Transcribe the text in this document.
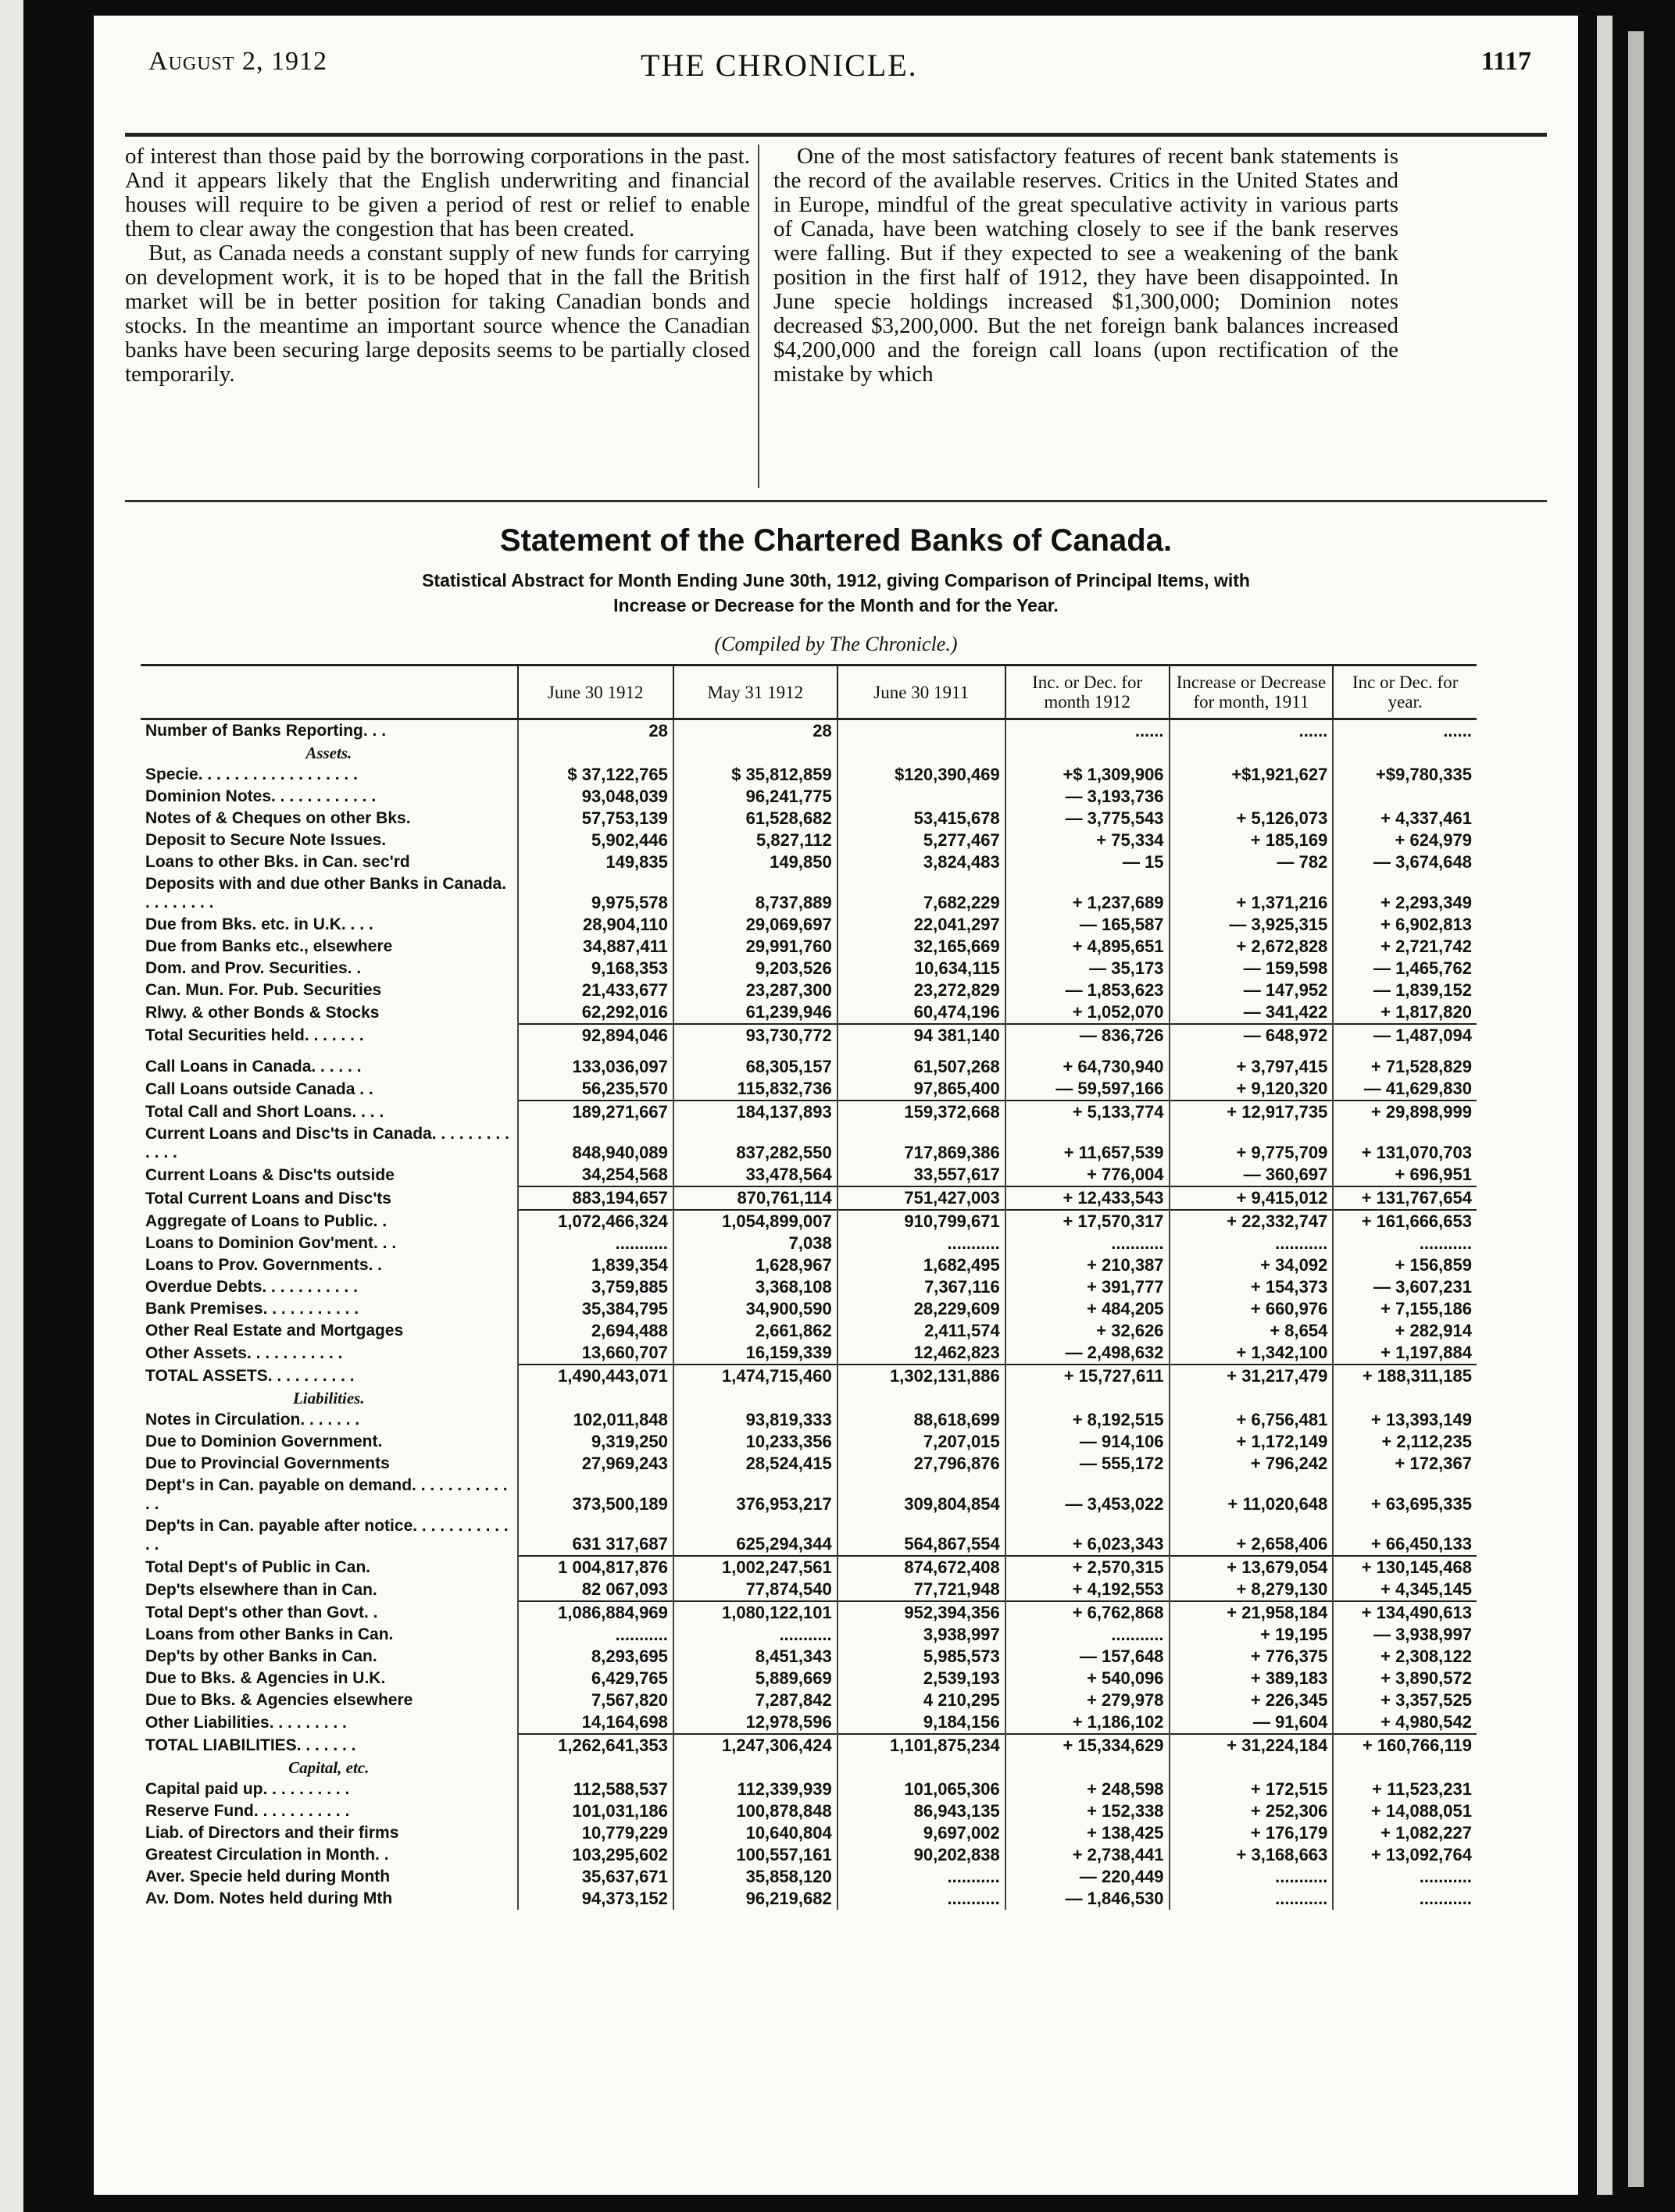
August 2, 1912	THE CHRONICLE.	1117

of interest than those paid by the borrowing corporations in the past. And it appears likely that the English underwriting and financial houses will require to be given a period of rest or relief to enable them to clear away the congestion that has been created.

But, as Canada needs a constant supply of new funds for carrying on development work, it is to be hoped that in the fall the British market will be in better position for taking Canadian bonds and stocks. In the meantime an important source whence the Canadian banks have been securing large deposits seems to be partially closed temporarily.

One of the most satisfactory features of recent bank statements is the record of the available reserves. Critics in the United States and in Europe, mindful of the great speculative activity in various parts of Canada, have been watching closely to see if the bank reserves were falling. But if they expected to see a weakening of the bank position in the first half of 1912, they have been disappointed. In June specie holdings increased $1,300,000; Dominion notes decreased $3,200,000. But the net foreign bank balances increased $4,200,000 and the foreign call loans (upon rectification of the mistake by which

Statement of the Chartered Banks of Canada.
Statistical Abstract for Month Ending June 30th, 1912, giving Comparison of Principal Items, with
Increase or Decrease for the Month and for the Year.
(Compiled by The Chronicle.)
	June 30 1912	May 31 1912	June 30 1911	Inc. or Dec. for month 1912	Increase or Decrease for month, 1911	Inc or Dec. for year.
Number of Banks Reporting. . .	28	28		......	......	......
Assets.						
Specie. . . . . . . . . . . . . . . . . .	$ 37,122,765	$ 35,812,859	$120,390,469	+$ 1,309,906	+$1,921,627	+$9,780,335
Dominion Notes. . . . . . . . . . . .	93,048,039	96,241,775		— 3,193,736		
Notes of & Cheques on other Bks.	57,753,139	61,528,682	53,415,678	— 3,775,543	+ 5,126,073	+ 4,337,461
Deposit to Secure Note Issues.	5,902,446	5,827,112	5,277,467	+ 75,334	+ 185,169	+ 624,979
Loans to other Bks. in Can. sec'rd	149,835	149,850	3,824,483	— 15	— 782	— 3,674,648
Deposits with and due other Banks in Canada. . . . . . . . .	9,975,578	8,737,889	7,682,229	+ 1,237,689	+ 1,371,216	+ 2,293,349
Due from Bks. etc. in U.K. . . .	28,904,110	29,069,697	22,041,297	— 165,587	— 3,925,315	+ 6,902,813
Due from Banks etc., elsewhere	34,887,411	29,991,760	32,165,669	+ 4,895,651	+ 2,672,828	+ 2,721,742
Dom. and Prov. Securities. .	9,168,353	9,203,526	10,634,115	— 35,173	— 159,598	— 1,465,762
Can. Mun. For. Pub. Securities	21,433,677	23,287,300	23,272,829	— 1,853,623	— 147,952	— 1,839,152
Rlwy. & other Bonds & Stocks	62,292,016	61,239,946	60,474,196	+ 1,052,070	— 341,422	+ 1,817,820
Total Securities held. . . . . . .	92,894,046	93,730,772	94 381,140	— 836,726	— 648,972	— 1,487,094

Call Loans in Canada. . . . . .	133,036,097	68,305,157	61,507,268	+ 64,730,940	+ 3,797,415	+ 71,528,829
Call Loans outside Canada . .	56,235,570	115,832,736	97,865,400	— 59,597,166	+ 9,120,320	— 41,629,830
Total Call and Short Loans. . . .	189,271,667	184,137,893	159,372,668	+ 5,133,774	+ 12,917,735	+ 29,898,999
Current Loans and Disc'ts in Canada. . . . . . . . . . . . .	848,940,089	837,282,550	717,869,386	+ 11,657,539	+ 9,775,709	+ 131,070,703
Current Loans & Disc'ts outside	34,254,568	33,478,564	33,557,617	+ 776,004	— 360,697	+ 696,951
Total Current Loans and Disc'ts	883,194,657	870,761,114	751,427,003	+ 12,433,543	+ 9,415,012	+ 131,767,654
Aggregate of Loans to Public. .	1,072,466,324	1,054,899,007	910,799,671	+ 17,570,317	+ 22,332,747	+ 161,666,653
Loans to Dominion Gov'ment. . .	...........	7,038	...........	...........	...........	...........
Loans to Prov. Governments. .	1,839,354	1,628,967	1,682,495	+ 210,387	+ 34,092	+ 156,859
Overdue Debts. . . . . . . . . . .	3,759,885	3,368,108	7,367,116	+ 391,777	+ 154,373	— 3,607,231
Bank Premises. . . . . . . . . . .	35,384,795	34,900,590	28,229,609	+ 484,205	+ 660,976	+ 7,155,186
Other Real Estate and Mortgages	2,694,488	2,661,862	2,411,574	+ 32,626	+ 8,654	+ 282,914
Other Assets. . . . . . . . . . .	13,660,707	16,159,339	12,462,823	— 2,498,632	+ 1,342,100	+ 1,197,884
TOTAL ASSETS. . . . . . . . . .	1,490,443,071	1,474,715,460	1,302,131,886	+ 15,727,611	+ 31,217,479	+ 188,311,185
Liabilities.						
Notes in Circulation. . . . . . .	102,011,848	93,819,333	88,618,699	+ 8,192,515	+ 6,756,481	+ 13,393,149
Due to Dominion Government.	9,319,250	10,233,356	7,207,015	— 914,106	+ 1,172,149	+ 2,112,235
Due to Provincial Governments	27,969,243	28,524,415	27,796,876	— 555,172	+ 796,242	+ 172,367
Dept's in Can. payable on demand. . . . . . . . . . . . .	373,500,189	376,953,217	309,804,854	— 3,453,022	+ 11,020,648	+ 63,695,335
Dep'ts in Can. payable after notice. . . . . . . . . . . . .	631 317,687	625,294,344	564,867,554	+ 6,023,343	+ 2,658,406	+ 66,450,133
Total Dept's of Public in Can.	1 004,817,876	1,002,247,561	874,672,408	+ 2,570,315	+ 13,679,054	+ 130,145,468
Dep'ts elsewhere than in Can.	82 067,093	77,874,540	77,721,948	+ 4,192,553	+ 8,279,130	+ 4,345,145
Total Dept's other than Govt. .	1,086,884,969	1,080,122,101	952,394,356	+ 6,762,868	+ 21,958,184	+ 134,490,613
Loans from other Banks in Can.	...........	...........	3,938,997	...........	+ 19,195	— 3,938,997
Dep'ts by other Banks in Can.	8,293,695	8,451,343	5,985,573	— 157,648	+ 776,375	+ 2,308,122
Due to Bks. & Agencies in U.K.	6,429,765	5,889,669	2,539,193	+ 540,096	+ 389,183	+ 3,890,572
Due to Bks. & Agencies elsewhere	7,567,820	7,287,842	4 210,295	+ 279,978	+ 226,345	+ 3,357,525
Other Liabilities. . . . . . . . .	14,164,698	12,978,596	9,184,156	+ 1,186,102	— 91,604	+ 4,980,542
TOTAL LIABILITIES. . . . . . .	1,262,641,353	1,247,306,424	1,101,875,234	+ 15,334,629	+ 31,224,184	+ 160,766,119
Capital, etc.						
Capital paid up. . . . . . . . . .	112,588,537	112,339,939	101,065,306	+ 248,598	+ 172,515	+ 11,523,231
Reserve Fund. . . . . . . . . . .	101,031,186	100,878,848	86,943,135	+ 152,338	+ 252,306	+ 14,088,051
Liab. of Directors and their firms	10,779,229	10,640,804	9,697,002	+ 138,425	+ 176,179	+ 1,082,227
Greatest Circulation in Month. .	103,295,602	100,557,161	90,202,838	+ 2,738,441	+ 3,168,663	+ 13,092,764
Aver. Specie held during Month	35,637,671	35,858,120	...........	— 220,449	...........	...........
Av. Dom. Notes held during Mth	94,373,152	96,219,682	...........	— 1,846,530	...........	...........
